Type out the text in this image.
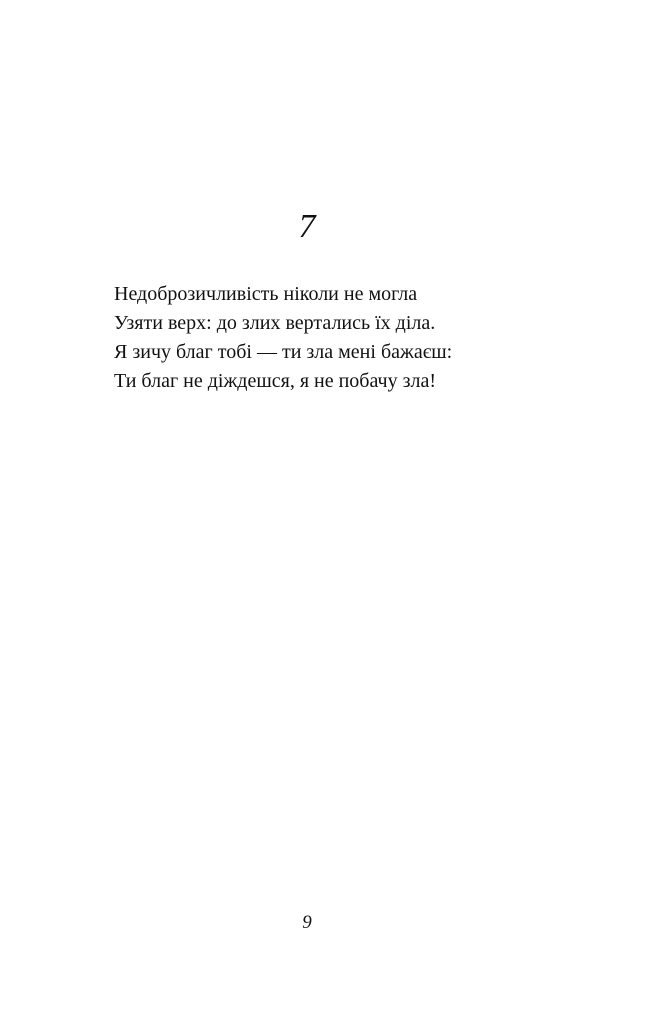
7
Недоброзичливість ніколи не могла
Узяти верх: до злих вертались їх діла.
Я зичу благ тобі — ти зла мені бажаєш:
Ти благ не діждешся, я не побачу зла!
9
